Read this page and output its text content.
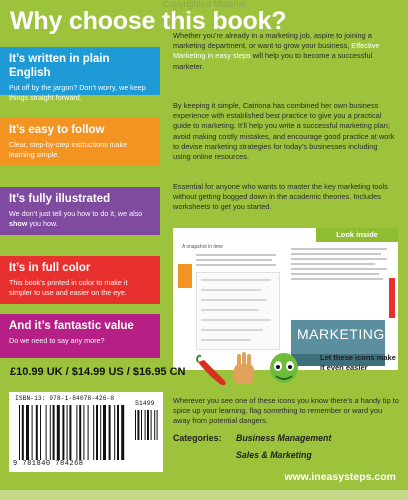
Copyrighted Material
Why choose this book?
It’s written in plain English
Put off by the jargon? Don’t worry, we keep things straight forward.
It’s easy to follow
Clear, step-by-step instructions make learning simple.
It’s fully illustrated
We don’t just tell you how to do it, we also show you how.
It’s in full color
This book’s printed in color to make it simpler to use and easier on the eye.
And it’s fantastic value
Do we need to say any more?
Whether you’re already in a marketing job, aspire to joining a marketing department, or want to grow your business, Effective Marketing in easy steps will help you to become a successful marketer.
By keeping it simple, Catriona has combined her own business experience with established best practice to give you a practical guide to marketing. It’ll help you write a successful marketing plan; avoid making costly mistakes, and encourage good practice at work to devise marketing strategies for today’s businesses including using online resources.
Essential for anyone who wants to master the key marketing tools without getting bogged down in the academic theories. Includes worksheets to get you started.
A snapshot in time
MARKETING
Look inside
£10.99 UK / $14.99 US / $16.95 CN
Let these icons make it even easier
Wherever you see one of these icons you know there’s a handy tip to spice up your learning, flag something to remember or ward you away from potential dangers.
Categories: Business Management
Sales & Marketing
ISBN-13: 978-1-84078-426-8
51499
9 781840 784268
www.ineasysteps.com
